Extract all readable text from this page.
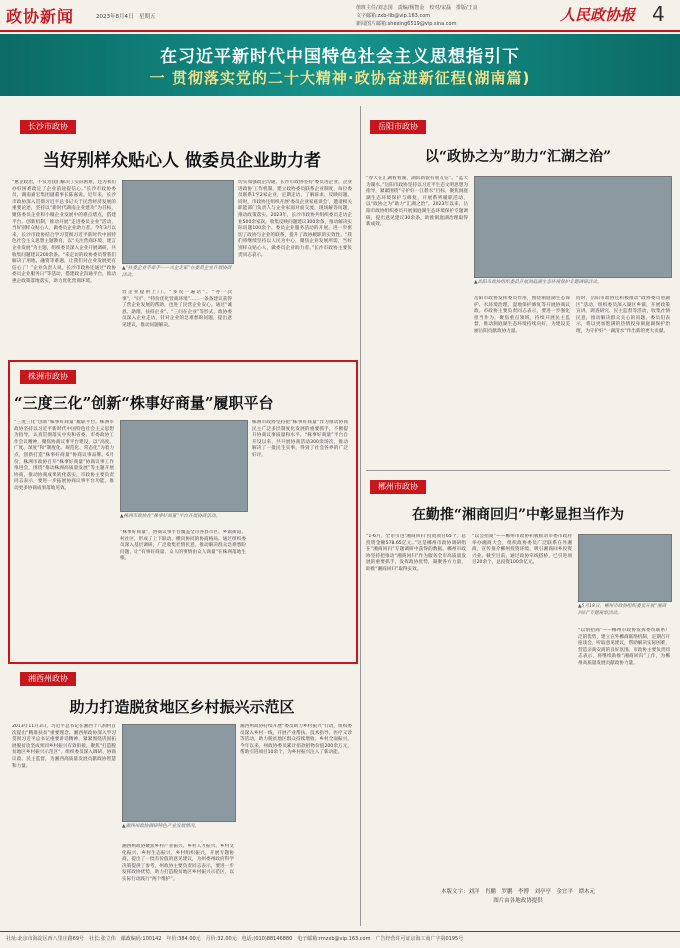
政协新闻	2023年8月4日　星期五
值班主任/刘志国　责编/杨智金　校对/宋磊　排版/王良
文字邮箱:zxb-llb@vip.163.com
新闻图片邮箱:shexing6519@vip.sina.com	人民政协报 4
在习近平新时代中国特色社会主义思想指引下
一 贯彻落实党的二十大精神·政协奋进新征程(湖南篇)
长沙市政协
当好别样众贴心人 做委员企业助力者
“惠企政治，不仅为我们解决了实际困难，还为我们办好困难政定了企业前途提信心。”长沙市政协委员、湖南嘉宏集团副董事长陈嘉说。近年来，长沙市政协深入贯彻习近平总书记关于民营经济发展的重要论述，坚持以“新时代湖南企业建功”为目标，聚焦委员企业和小微企业发展中的难点堵点，搭建平台、创新机制，推动开展“走进委员企业”活动，当好别样众贴心人、做委员企业助力者。今年3月以来，长沙市政协结合学习贯彻习近平新时代中国特色社会主义思想主题教育，以“关注营商环境、建言企业发展”为主题，组织委员深入企业开展调研，共收集问题建议200余条。“来走访的政协委员帮我们解决了用地、融资等难题，让我们对企业发展更有信心了！”企业负责人说。长沙市政协还通过“政协委员企业服务日”等活动，搭建政企沟通平台，推动惠企政策落地落实，助力优化营商环境。
▲“扶委企业手牵手——兴企走家”在委员企业开展协商活动。
营企业提供上门、“多说一遍话”、“办一次事”，“问”、“特价优化营商环境”……一条条建议获得了营企业发展的帮助，也进了民营企业安心。通过“诚意、助理、扶持企业”、“三问在企业”等形式，政协委员深入企业走访，针对企业的急难愁盼问题，提出意见建议，推动问题解决。
切实加强政企沟通。长沙市政协坚持‘委员进企业、企业进政协’工作机制，建立政协委员联系企业制度，每位委员联系1至2家企业，定期走访、了解诉求、反映问题。同时，市政协还组织开展‘委员企业家座谈会’，邀请相关职能部门负责人与企业家面对面交流，现场解答问题，推动政策落实。2023年，长沙市政协共组织委员走访企业500余家次，收集反映问题建议300余条，推动解决实际问题100余个。委员企业服务活动的开展，进一步密切了政协与企业的联系，提升了政协履职的实效性。“我们将继续坚持以人民为中心，聚焦企业发展所需，当好别样众贴心人，做委员企业助力者。”长沙市政协主要负责同志表示。
株洲市政协
“三度三化”创新“株事好商量”履职平台
“三度三化”创新“株事好商量”履职平台。株洲市政协坚持以习近平新时代中国特色社会主义思想为指导，认真贯彻落实中央和省委、市委政协工作会议精神，聚焦协商议事平台建设，以“高度、广度、深度”和“制度化、规范化、常态化”为着力点，创新打造“株事好商量”协商议事品牌。6月份，株洲市政协召开“株事好商量”协商议事工作推进会，围绕“推动株洲高质量发展”等主题开展协商，推动协商成果转化落实。市政协主要负责同志表示，要进一步拓展协商议事平台功能，推动更多协商成果落地见效。
▲株洲市政协在“株事好商量”平台开展协商活动。
“株事好商量”，协商议事平台覆盖全市各县市区、乡镇街道、村社区，形成了上下联动、横向协同的协商格局。通过组织委员深入基层调研，广泛收集社情民意，推动解决群众急难愁盼问题，让“有事好商量、众人的事情由众人商量”在株洲落地生根。
株洲市政协坚持把“株事好商量”作为推动协商民主广泛多层制度化发展的重要抓手，不断提升协商议事质量和水平。“株事好商量”平台自开设以来，共开展协商活动300余场次，推动解决了一批民生实事，得到了社会各界的广泛好评。
湘西州政协
助力打造脱贫地区乡村振兴示范区
2013年11月3日，习近平总书记在湘西十八洞村首次提出“精准扶贫”重要理念。湘西州政协深入学习贯彻习近平总书记重要讲话精神，紧紧围绕巩固拓展脱贫攻坚成果同乡村振兴有效衔接，聚焦“打造脱贫地区乡村振兴示范区”，组织委员深入调研、协商议政、民主监督，为湘西高质量发展贡献政协智慧和力量。
▲湘西州政协调研特色产业发展情况。
湘西州政协聚焦乡村产业振兴、乡村人才振兴、乡村文化振兴、乡村生态振兴、乡村组织振兴，开展专题协商，提出了一批有价值的意见建议，为州委州政府科学决策提供了参考。州政协主要负责同志表示，要进一步发挥政协优势，助力打造脱贫地区乡村振兴示范区，以实际行动践行“两个维护”。
湘西州政协持续开展“委员助力乡村振兴”行动，组织委员深入乡村一线，开展产业帮扶、技术指导、医疗义诊等活动，助力脱贫地区群众持续增收、乡村全面振兴。今年以来，州政协委员累计捐款捐物价值200余万元，帮助引进项目10余个，为乡村振兴注入了新动能。
岳阳市政协
以“政协之为”助力“汇湖之治”
“春天在汇湖看看湖，湖滨新貌有朋友信”。“蓝天为湖水。”岳阳市政协坚持以习近平生态文明思想为指导，紧紧围绕“守护好一江碧水”目标，聚焦洞庭湖生态环境保护与修复，开展系列履职活动，以“政协之为”助力“汇湖之治”。2023年以来，岳阳市政协组织委员开展洞庭湖生态环境保护专题调研，提出意见建议30余条，助推洞庭湖治理取得新成效。
▲岳阳市政协组织委员开展洞庭湖生态环境保护专题调研活动。
岳阳市政协发挥委员作用，围绕洞庭湖生态保护、水环境治理、湿地保护修复等开展协商议政。市政协主要负责同志表示，要进一步强化担当作为，聚焦重点领域，持续开展民主监督，推动洞庭湖生态环境持续向好，为建设美丽岳阳贡献政协力量。
同时，岳阳市政协还积极推动“政协委员进湖区”活动，组织委员深入湖区乡镇，开展政策宣讲、调查研究、民主监督等活动，收集社情民意，推动解决群众关心的问题。委员们表示，将以更加饱满的热情投身洞庭湖保护治理，为守护好“一湖清水”作出新的更大贡献。
郴州市政协
在勤推“湘商回归”中彰显担当作为
“1-6月，全市引进‘湘商回归’投资项目65个，总投资金额578.65亿元。”这是郴州市政协调研组在“湘商回归”专题调研中获得的数据。郴州市政协坚持把推动“湘商回归”作为服务全市高质量发展的重要抓手，发挥政协优势，凝聚各方力量，助推“湘商回归”取得实效。
“以会招商”——郴州市政协积极推动市委市政府举办湘商大会，组织政协委员广泛联系在外湘商，宣传推介郴州投资环境，吸引湘商回乡投资兴业。截至目前，通过政协牵线搭桥，已引进项目20余个，总投资100余亿元。
▲5月18日，郴州市政协组织委员开展“湘商回归”专题视察活动。
“以情招商”——郴州市政协发挥委员联系广泛的优势，建立在外郴商联络机制，定期召开座谈会，听取意见建议，帮助解决实际困难，营造亲商安商的良好氛围。市政协主要负责同志表示，将继续助推“湘商回归”工作，为郴州高质量发展贡献政协力量。
本版文字：刘洋　肖鹏　罗鹏　李博　刘亭亭　金宜平　谭木元
图片由各地政协提供
社址:北京市海淀区西八里庄路69号　社长:张立伟　邮政编码:100142　年价:384.00元　月价:32.00元　电话:(010)88146880　电子邮箱:rmzxb@vip.163.com　广告经营许可证京海工商广字第0195号
